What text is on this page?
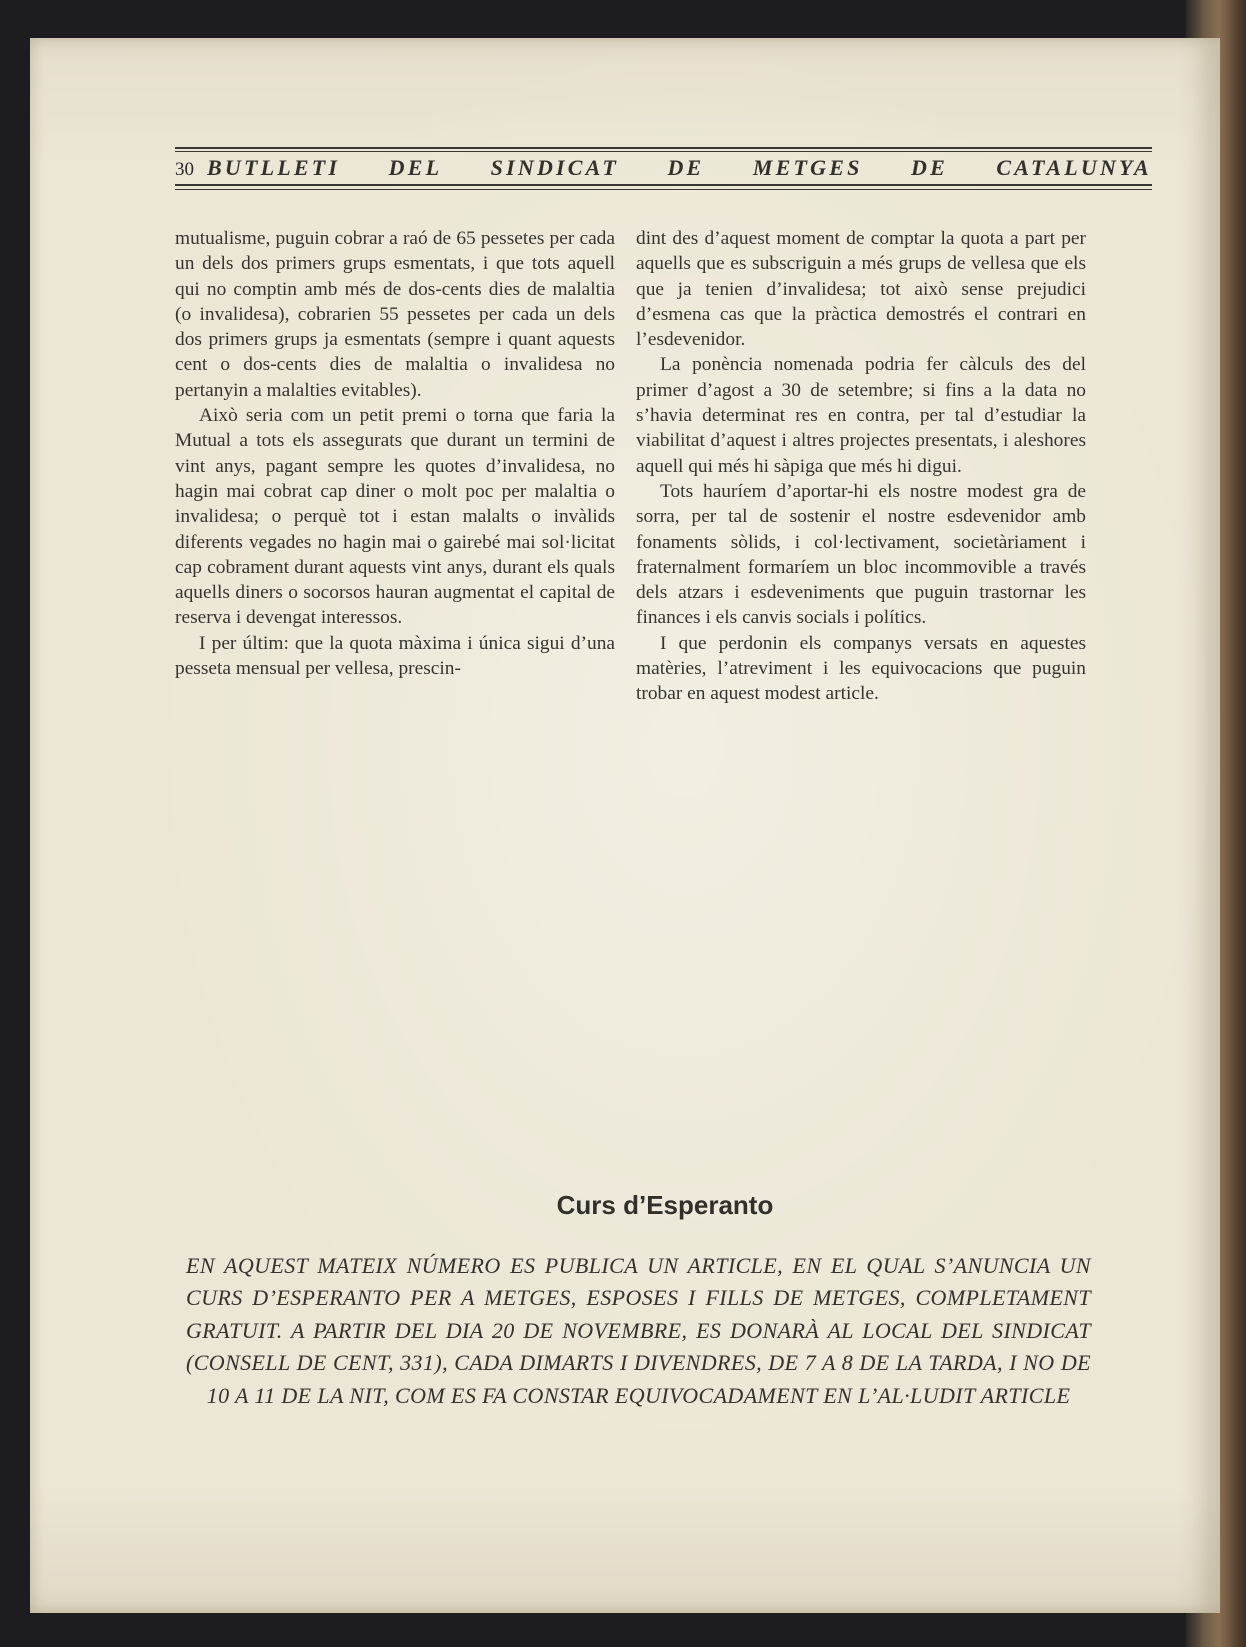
30 BUTLLETI DEL SINDICAT DE METGES DE CATALUNYA

mutualisme, puguin cobrar a raó de 65 pessetes per cada un dels dos primers grups esmentats, i que tots aquell qui no comptin amb més de dos-cents dies de malaltia (o invalidesa), cobrarien 55 pessetes per cada un dels dos primers grups ja esmentats (sempre i quant aquests cent o dos-cents dies de malaltia o invalidesa no pertanyin a malalties evitables).

Això seria com un petit premi o torna que faria la Mutual a tots els assegurats que durant un termini de vint anys, pagant sempre les quotes d’invalidesa, no hagin mai cobrat cap diner o molt poc per malaltia o invalidesa; o perquè tot i estan malalts o invàlids diferents vegades no hagin mai o gairebé mai sol·licitat cap cobrament durant aquests vint anys, durant els quals aquells diners o socorsos hauran augmentat el capital de reserva i devengat interessos.

I per últim: que la quota màxima i única sigui d’una pesseta mensual per vellesa, prescin-

dint des d’aquest moment de comptar la quota a part per aquells que es subscriguin a més grups de vellesa que els que ja tenien d’invalidesa; tot això sense prejudici d’esmena cas que la pràctica demostrés el contrari en l’esdevenidor.

La ponència nomenada podria fer càlculs des del primer d’agost a 30 de setembre; si fins a la data no s’havia determinat res en contra, per tal d’estudiar la viabilitat d’aquest i altres projectes presentats, i aleshores aquell qui més hi sàpiga que més hi digui.

Tots hauríem d’aportar-hi els nostre modest gra de sorra, per tal de sostenir el nostre esdevenidor amb fonaments sòlids, i col·lectivament, societàriament i fraternalment formaríem un bloc incommovible a través dels atzars i esdeveniments que puguin trastornar les finances i els canvis socials i polítics.

I que perdonin els companys versats en aquestes matèries, l’atreviment i les equivocacions que puguin trobar en aquest modest article.

Curs d’Esperanto
EN AQUEST MATEIX NÚMERO ES PUBLICA UN ARTICLE, EN EL QUAL S’ANUNCIA UN CURS D’ESPERANTO PER A METGES, ESPOSES I FILLS DE METGES, COMPLETAMENT GRATUIT. A PARTIR DEL DIA 20 DE NOVEMBRE, ES DONARÀ AL LOCAL DEL SINDICAT (CONSELL DE CENT, 331), CADA DIMARTS I DIVENDRES, DE 7 A 8 DE LA TARDA, I NO DE 10 A 11 DE LA NIT, COM ES FA CONSTAR EQUIVOCADAMENT EN L’AL·LUDIT ARTICLE
